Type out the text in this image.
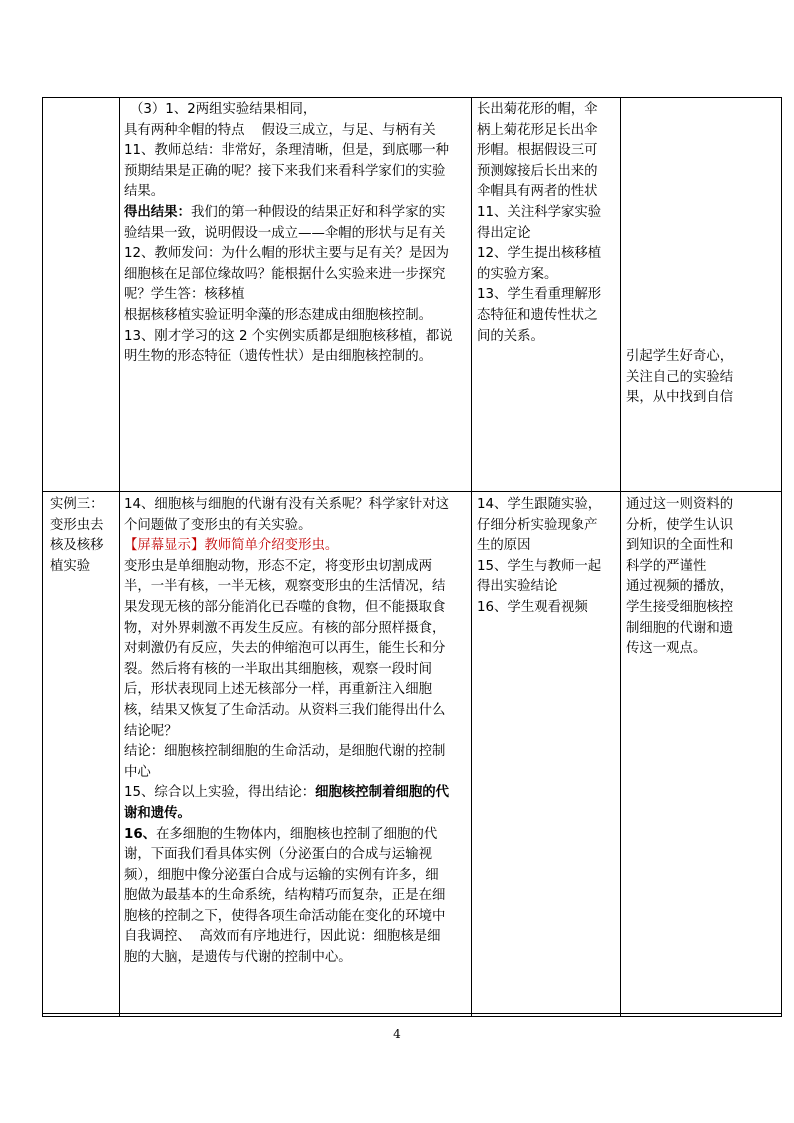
（3）1、2两组实验结果相同，

具有两种伞帽的特点    假设三成立，与足、与柄有关

11、教师总结：非常好，条理清晰，但是，到底哪一种

预期结果是正确的呢？接下来我们来看科学家们的实验

结果。

得出结果：我们的第一种假设的结果正好和科学家的实

验结果一致，说明假设一成立——伞帽的形状与足有关

12、教师发问：为什么帽的形状主要与足有关？是因为

细胞核在足部位缘故吗？能根据什么实验来进一步探究

呢？学生答：核移植

根据核移植实验证明伞藻的形态建成由细胞核控制。

13、刚才学习的这 2 个实例实质都是细胞核移植，都说

明生物的形态特征（遗传性状）是由细胞核控制的。

长出菊花形的帽，伞

柄上菊花形足长出伞

形帽。根据假设三可

预测嫁接后长出来的

伞帽具有两者的性状

11、关注科学家实验

得出定论

12、学生提出核移植

的实验方案。

13、学生看重理解形

态特征和遗传性状之

间的关系。

引起学生好奇心，

关注自己的实验结

果，从中找到自信

实例三：

变形虫去

核及核移

植实验

14、细胞核与细胞的代谢有没有关系呢？科学家针对这

个问题做了变形虫的有关实验。

【屏幕显示】教师简单介绍变形虫。

变形虫是单细胞动物，形态不定，将变形虫切割成两

半，一半有核，一半无核，观察变形虫的生活情况，结

果发现无核的部分能消化已吞噬的食物，但不能摄取食

物，对外界刺激不再发生反应。有核的部分照样摄食，

对刺激仍有反应，失去的伸缩泡可以再生，能生长和分

裂。然后将有核的一半取出其细胞核，观察一段时间

后，形状表现同上述无核部分一样，再重新注入细胞

核，结果又恢复了生命活动。从资料三我们能得出什么

结论呢？

结论：细胞核控制细胞的生命活动，是细胞代谢的控制

中心

15、综合以上实验，得出结论：细胞核控制着细胞的代

谢和遗传。

16、在多细胞的生物体内，细胞核也控制了细胞的代

谢，下面我们看具体实例（分泌蛋白的合成与运输视

频），细胞中像分泌蛋白合成与运输的实例有许多，细

胞做为最基本的生命系统，结构精巧而复杂，正是在细

胞核的控制之下，使得各项生命活动能在变化的环境中

自我调控、  高效而有序地进行，因此说：细胞核是细

胞的大脑，是遗传与代谢的控制中心。

14、学生跟随实验，

仔细分析实验现象产

生的原因

15、学生与教师一起

得出实验结论

16、学生观看视频

通过这一则资料的

分析，使学生认识

到知识的全面性和

科学的严谨性

通过视频的播放，

学生接受细胞核控

制细胞的代谢和遗

传这一观点。

4
